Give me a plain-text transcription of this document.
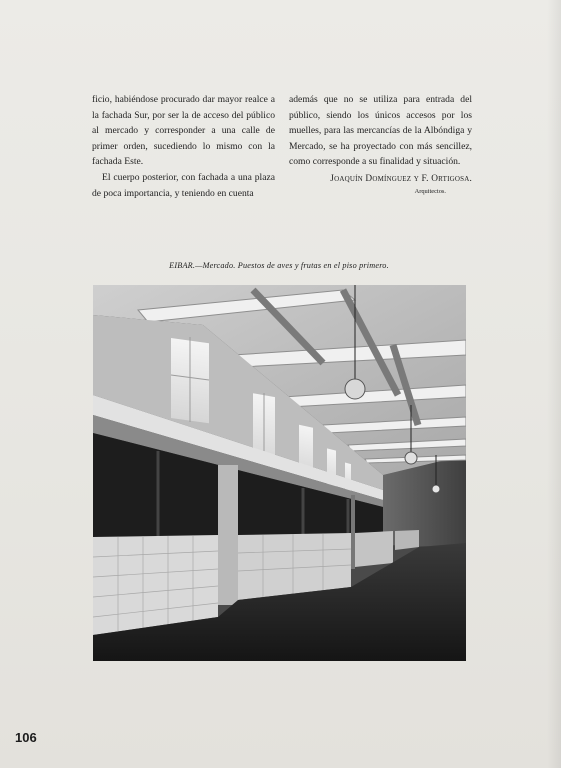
ficio, habiéndose procurado dar mayor realce a la fachada Sur, por ser la de acceso del público al mercado y corresponder a una calle de primer orden, sucediendo lo mismo con la fachada Este.

El cuerpo posterior, con fachada a una plaza de poca importancia, y teniendo en cuenta

además que no se utiliza para entrada del público, siendo los únicos accesos por los muelles, para las mercancías de la Albóndiga y Mercado, se ha proyectado con más sencillez, como corresponde a su finalidad y situación.

Joaquín Domínguez y F. Ortigosa.
Arquitectos.
EIBAR.—Mercado. Puestos de aves y frutas en el piso primero.
106
